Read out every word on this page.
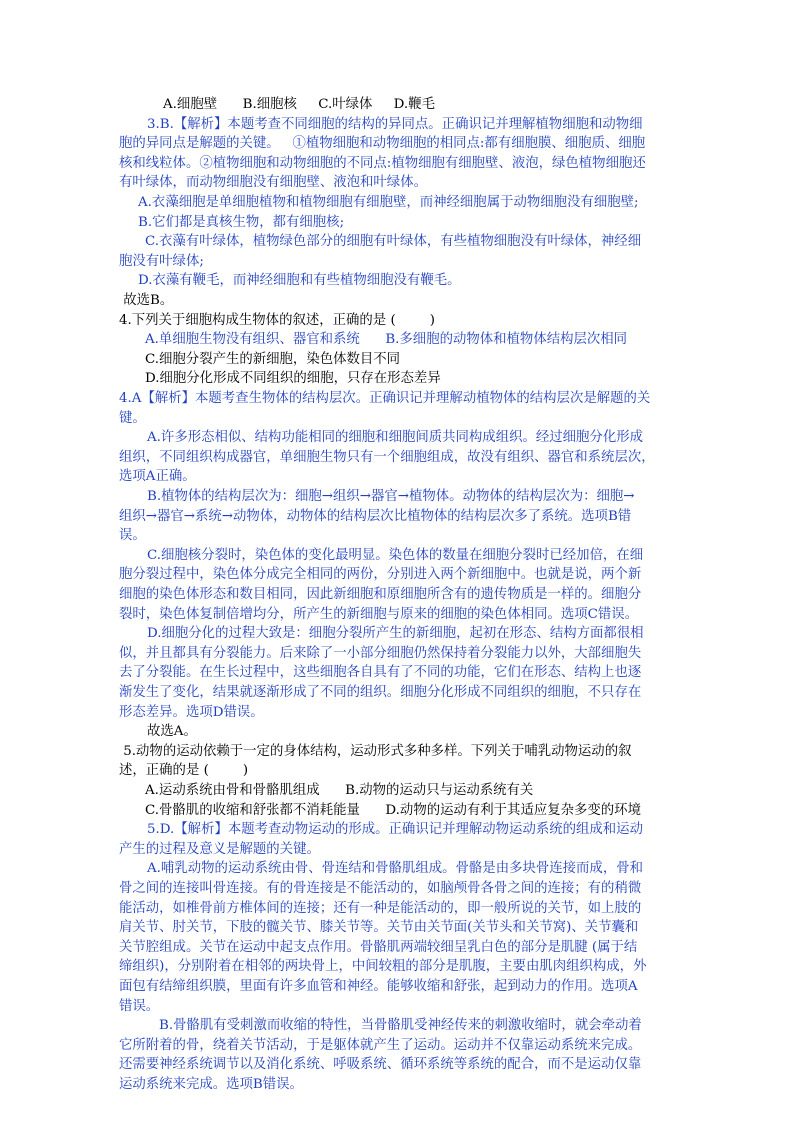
A.细胞壁      B.细胞核     C.叶绿体     D.鞭毛
3.B.【解析】本题考查不同细胞的结构的异同点。正确识记并理解植物细胞和动物细
胞的异同点是解题的关键。   ①植物细胞和动物细胞的相同点:都有细胞膜、细胞质、细胞
核和线粒体。②植物细胞和动物细胞的不同点:植物细胞有细胞壁、液泡，绿色植物细胞还
有叶绿体，而动物细胞没有细胞壁、液泡和叶绿体。
A.衣藻细胞是单细胞植物和植物细胞有细胞壁，而神经细胞属于动物细胞没有细胞壁;
B.它们都是真核生物，都有细胞核;
C.衣藻有叶绿体，植物绿色部分的细胞有叶绿体，有些植物细胞没有叶绿体，神经细
胞没有叶绿体;
D.衣藻有鞭毛，而神经细胞和有些植物细胞没有鞭毛。
故选B。
4.下列关于细胞构成生物体的叙述，正确的是 (        )
A.单细胞生物没有组织、器官和系统      B.多细胞的动物体和植物体结构层次相同
C.细胞分裂产生的新细胞，染色体数目不同
D.细胞分化形成不同组织的细胞，只存在形态差异
4.A【解析】本题考查生物体的结构层次。正确识记并理解动植物体的结构层次是解题的关
键。
A.许多形态相似、结构功能相同的细胞和细胞间质共同构成组织。经过细胞分化形成
组织，不同组织构成器官，单细胞生物只有一个细胞组成，故没有组织、器官和系统层次，
选项A正确。
B.植物体的结构层次为：细胞→组织→器官→植物体。动物体的结构层次为：细胞→
组织→器官→系统→动物体，动物体的结构层次比植物体的结构层次多了系统。选项B错
误。
C.细胞核分裂时，染色体的变化最明显。染色体的数量在细胞分裂时已经加倍，在细
胞分裂过程中，染色体分成完全相同的两份，分别进入两个新细胞中。也就是说，两个新
细胞的染色体形态和数目相同，因此新细胞和原细胞所含有的遗传物质是一样的。细胞分
裂时，染色体复制倍增均分，所产生的新细胞与原来的细胞的染色体相同。选项C错误。
D.细胞分化的过程大致是：细胞分裂所产生的新细胞，起初在形态、结构方面都很相
似，并且都具有分裂能力。后来除了一小部分细胞仍然保持着分裂能力以外，大部细胞失
去了分裂能。在生长过程中，这些细胞各自具有了不同的功能，它们在形态、结构上也逐
渐发生了变化，结果就逐渐形成了不同的组织。细胞分化形成不同组织的细胞，不只存在
形态差异。选项D错误。
故选A。
5.动物的运动依赖于一定的身体结构，运动形式多种多样。下列关于哺乳动物运动的叙
述，正确的是 (        )
A.运动系统由骨和骨骼肌组成      B.动物的运动只与运动系统有关
C.骨骼肌的收缩和舒张都不消耗能量      D.动物的运动有利于其适应复杂多变的环境
5.D.【解析】本题考查动物运动的形成。正确识记并理解动物运动系统的组成和运动
产生的过程及意义是解题的关键。
A.哺乳动物的运动系统由骨、骨连结和骨骼肌组成。骨骼是由多块骨连接而成，骨和
骨之间的连接叫骨连接。有的骨连接是不能活动的，如脑颅骨各骨之间的连接；有的稍微
能活动，如椎骨前方椎体间的连接；还有一种是能活动的，即一般所说的关节，如上肢的
肩关节、肘关节，下肢的髋关节、膝关节等。关节由关节面(关节头和关节窝)、关节囊和
关节腔组成。关节在运动中起支点作用。骨骼肌两端较细呈乳白色的部分是肌腱 (属于结
缔组织)，分别附着在相邻的两块骨上，中间较粗的部分是肌腹，主要由肌肉组织构成，外
面包有结缔组织膜，里面有许多血管和神经。能够收缩和舒张，起到动力的作用。选项A
错误。
B.骨骼肌有受刺激而收缩的特性，当骨骼肌受神经传来的刺激收缩时，就会牵动着
它所附着的骨，绕着关节活动，于是躯体就产生了运动。运动并不仅靠运动系统来完成。
还需要神经系统调节以及消化系统、呼吸系统、循环系统等系统的配合，而不是运动仅靠
运动系统来完成。选项B错误。
